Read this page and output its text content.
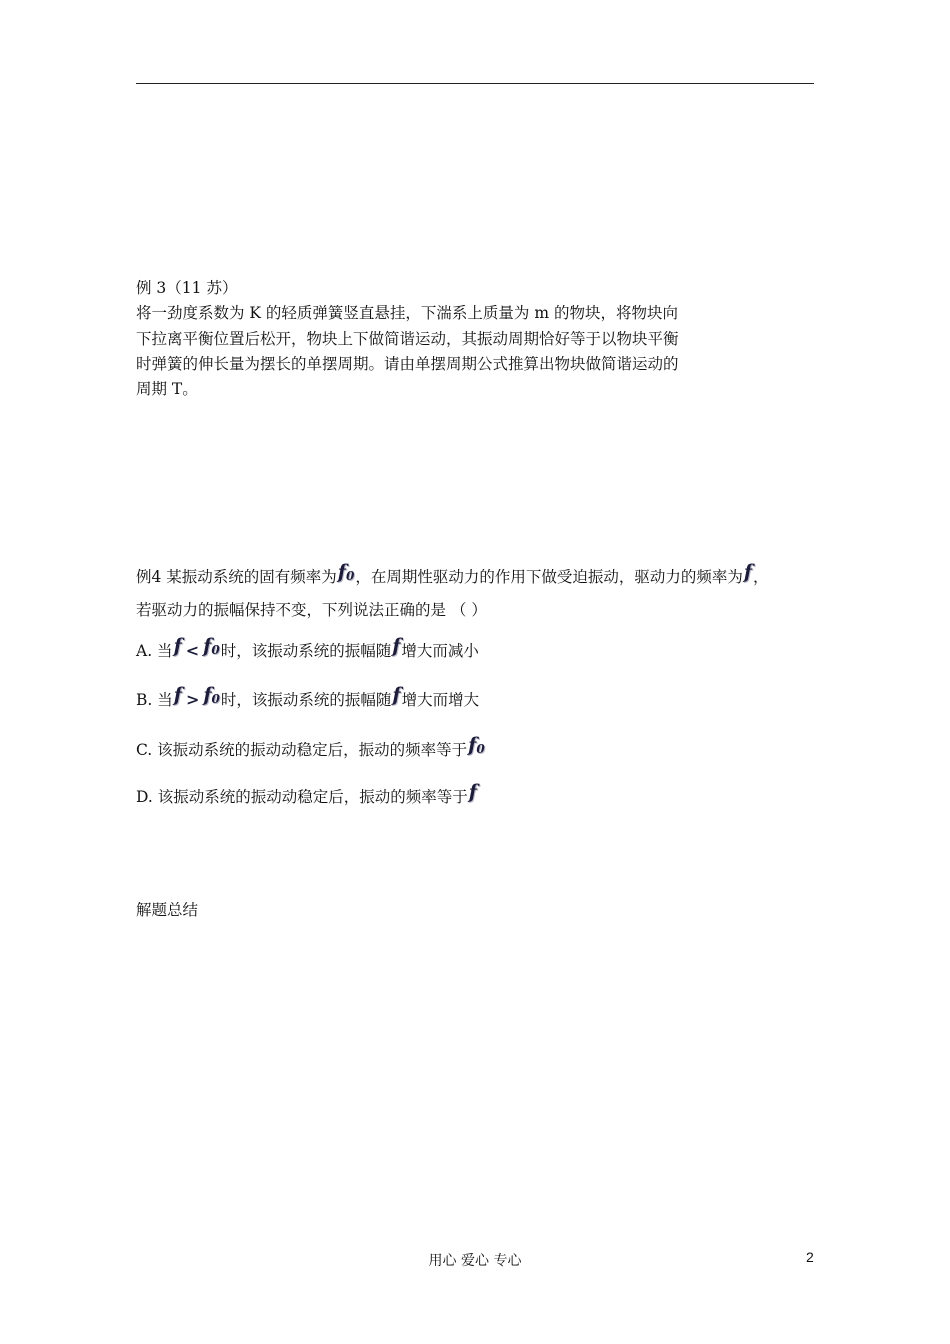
例 3（11 苏）
将一劲度系数为 K 的轻质弹簧竖直悬挂，下湍系上质量为 m 的物块，将物块向
下拉离平衡位置后松开，物块上下做简谐运动，其振动周期恰好等于以物块平衡
时弹簧的伸长量为摆长的单摆周期。请由单摆周期公式推算出物块做简谐运动的
周期 T。
例4 某振动系统的固有频率为$f_0$，在周期性驱动力的作用下做受迫振动，驱动力的频率为f，
若驱动力的振幅保持不变，下列说法正确的是 （ ）
A. 当$f < f_0$时，该振动系统的振幅随f增大而减小
B. 当$f > f_0$时，该振动系统的振幅随f增大而增大
C. 该振动系统的振动动稳定后，振动的频率等于$f_0$
D. 该振动系统的振动动稳定后，振动的频率等于f
解题总结
用心 爱心 专心	2
